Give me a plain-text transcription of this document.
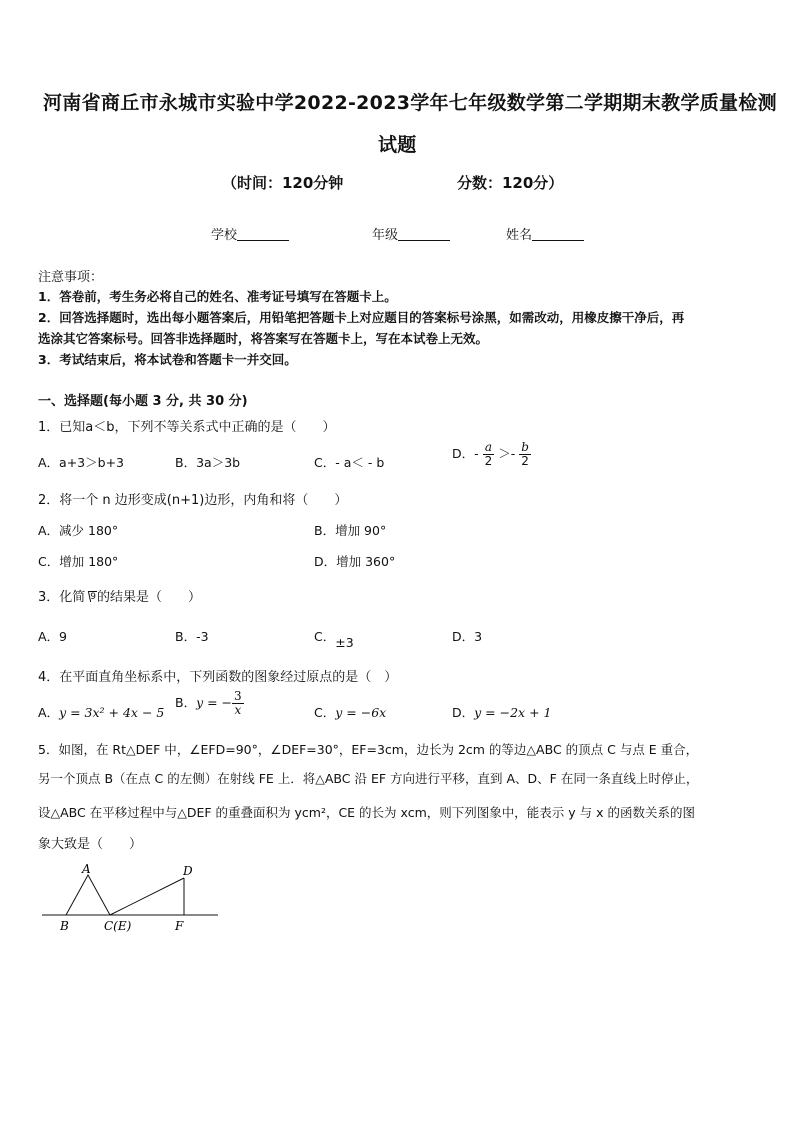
河南省商丘市永城市实验中学2022-2023学年七年级数学第二学期期末教学质量检测
试题
（时间：120分钟	分数：120分）
学校	年级	姓名
注意事项：
1．答卷前，考生务必将自己的姓名、准考证号填写在答题卡上。
2．回答选择题时，选出每小题答案后，用铅笔把答题卡上对应题目的答案标号涂黑，如需改动，用橡皮擦干净后，再
选涂其它答案标号。回答非选择题时，将答案写在答题卡上，写在本试卷上无效。
3．考试结束后，将本试卷和答题卡一并交回。
一、选择题(每小题 3 分, 共 30 分)
1．已知a＜b，下列不等关系式中正确的是（　　）
A．a+3＞b+3	B．3a＞3b	C．- a＜ - b
D．- $\frac{a}{2} >- \frac{b}{2}$
2．将一个 n 边形变成(n+1)边形，内角和将（　　）
A．减少 180°	B．增加 90°
C．增加 180°	D．增加 360°
3．化简 9的结果是（　　）
A．9	B．-3	C．±3	D．3
4．在平面直角坐标系中，下列函数的图象经过原点的是（　）
A．y = 3x² + 4x − 5
B．y = − $\frac{3}{x}$	C．y = −6x	D．y = −2x + 1
5．如图，在 Rt△DEF 中，∠EFD=90°，∠DEF=30°，EF=3cm，边长为 2cm 的等边△ABC 的顶点 C 与点 E 重合，
另一个顶点 B（在点 C 的左侧）在射线 FE 上．将△ABC 沿 EF 方向进行平移，直到 A、D、F 在同一条直线上时停止，
设△ABC 在平移过程中与△DEF 的重叠面积为 ycm²，CE 的长为 xcm，则下列图象中，能表示 y 与 x 的函数关系的图
象大致是（　　）
A
B	C(E)
D
F
